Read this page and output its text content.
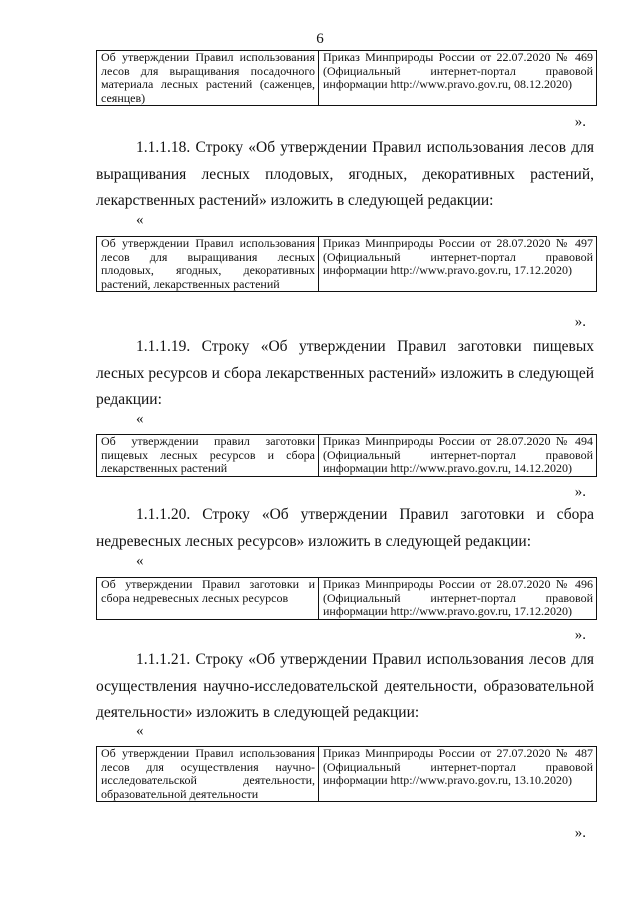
6
Об утверждении Правил использования лесов для выращивания посадочного материала лесных растений (саженцев, сеянцев)	Приказ Минприроды России от 22.07.2020 № 469 (Официальный интернет-портал правовой информации http://www.pravo.gov.ru, 08.12.2020)
».

1.1.1.18. Строку «Об утверждении Правил использования лесов для выращивания лесных плодовых, ягодных, декоративных растений, лекарственных растений» изложить в следующей редакции:

«
Об утверждении Правил использования лесов для выращивания лесных плодовых, ягодных, декоративных растений, лекарственных растений	Приказ Минприроды России от 28.07.2020 № 497 (Официальный интернет-портал правовой информации http://www.pravo.gov.ru, 17.12.2020)
».

1.1.1.19. Строку «Об утверждении Правил заготовки пищевых лесных ресурсов и сбора лекарственных растений» изложить в следующей редакции:

«
Об утверждении правил заготовки пищевых лесных ресурсов и сбора лекарственных растений	Приказ Минприроды России от 28.07.2020 № 494 (Официальный интернет-портал правовой информации http://www.pravo.gov.ru, 14.12.2020)
».

1.1.1.20. Строку «Об утверждении Правил заготовки и сбора недревесных лесных ресурсов» изложить в следующей редакции:

«
Об утверждении Правил заготовки и сбора недревесных лесных ресурсов	Приказ Минприроды России от 28.07.2020 № 496 (Официальный интернет-портал правовой информации http://www.pravo.gov.ru, 17.12.2020)
».

1.1.1.21. Строку «Об утверждении Правил использования лесов для осуществления научно-исследовательской деятельности, образовательной деятельности» изложить в следующей редакции:

«
Об утверждении Правил использования лесов для осуществления научно-исследовательской деятельности, образовательной деятельности	Приказ Минприроды России от 27.07.2020 № 487 (Официальный интернет-портал правовой информации http://www.pravo.gov.ru, 13.10.2020)
».
